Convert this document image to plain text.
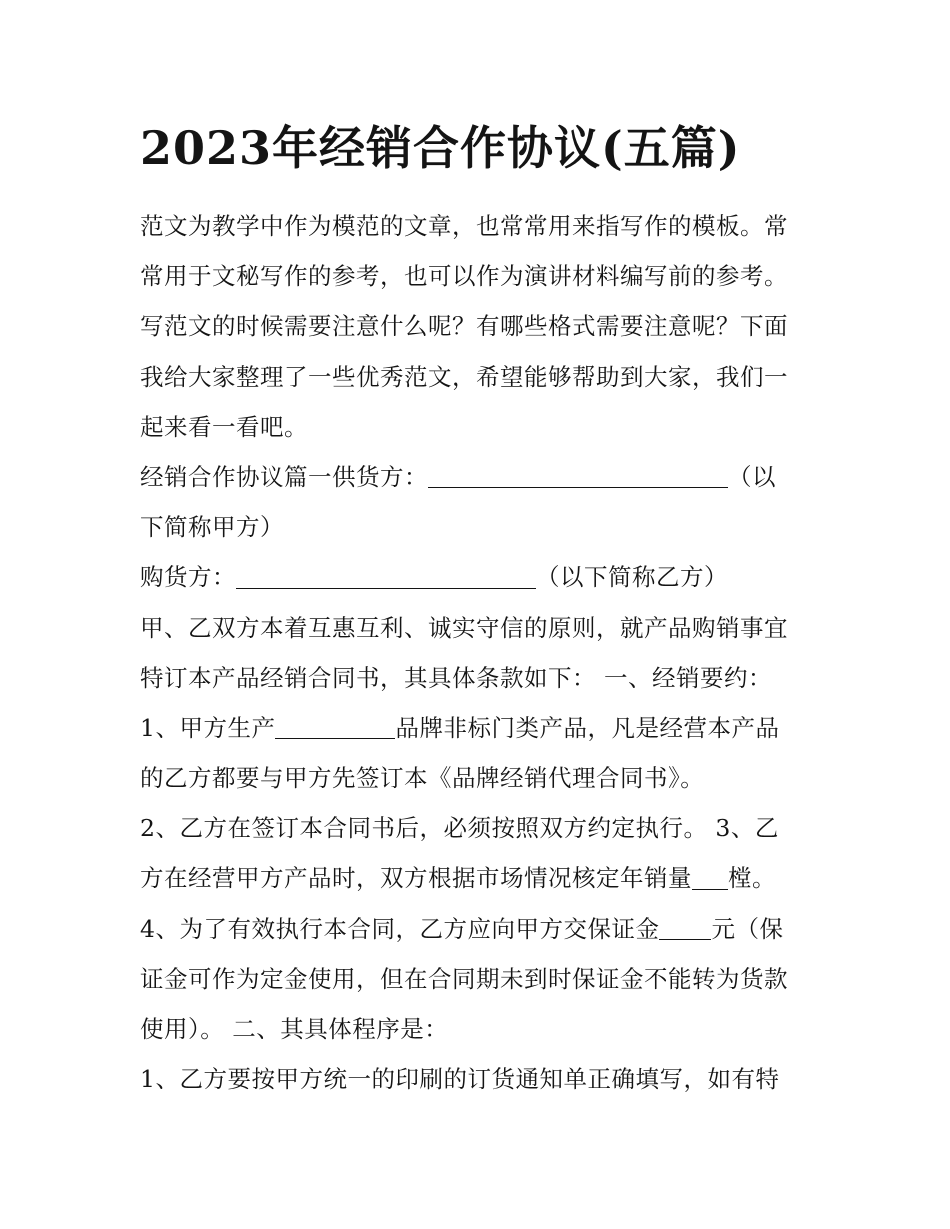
2023年经销合作协议(五篇)
范文为教学中作为模范的文章，也常常用来指写作的模板。常
常用于文秘写作的参考，也可以作为演讲材料编写前的参考。
写范文的时候需要注意什么呢？有哪些格式需要注意呢？下面
我给大家整理了一些优秀范文，希望能够帮助到大家，我们一
起来看一看吧。
经销合作协议篇一供货方：	（以
下简称甲方）
购货方：	（以下简称乙方）
甲、乙双方本着互惠互利、诚实守信的原则，就产品购销事宜
特订本产品经销合同书，其具体条款如下： 一、经销要约：
1、甲方生产	品牌非标门类产品，凡是经营本产品
的乙方都要与甲方先签订本《品牌经销代理合同书》。
2、乙方在签订本合同书后，必须按照双方约定执行。 3、乙
方在经营甲方产品时，双方根据市场情况核定年销量 樘。
4、为了有效执行本合同，乙方应向甲方交保证金 元（保
证金可作为定金使用，但在合同期未到时保证金不能转为货款
使用）。 二、其具体程序是：
1、乙方要按甲方统一的印刷的订货通知单正确填写，如有特
